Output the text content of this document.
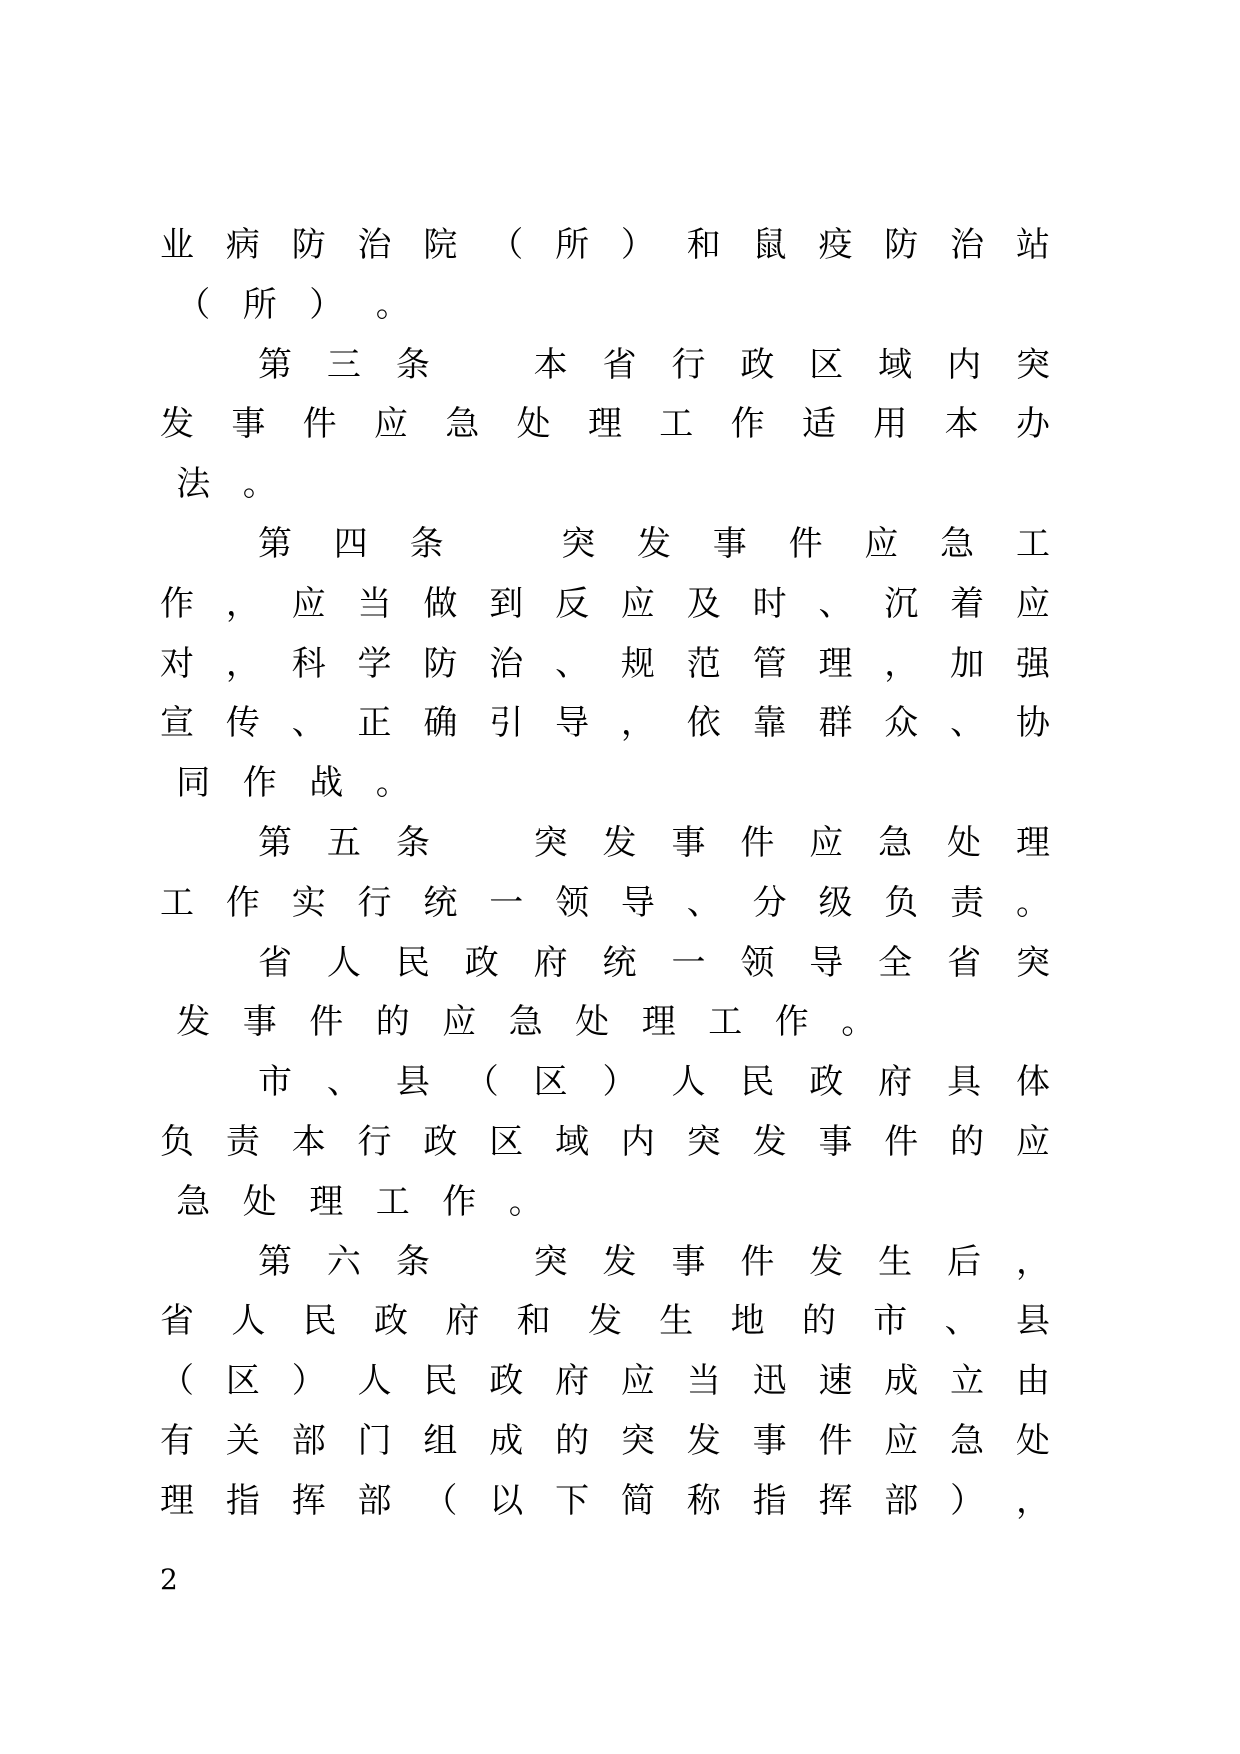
业 病 防 治 院 （ 所 ） 和 鼠 疫 防 治 站
（ 所 ） 。
第 三 条
　	本 省 行 政 区 域 内 突
发 事 件 应 急 处 理 工 作 适 用 本 办
法 。
第 四 条
　	突 发 事 件 应 急 工
作 ， 应 当 做 到 反 应 及 时 、 沉 着 应
对 ， 科 学 防 治 、 规 范 管 理 ， 加 强
宣 传 、 正 确 引 导 ， 依 靠 群 众 、 协
同 作 战 。
第 五 条
　	突 发 事 件 应 急 处 理
工 作 实 行 统 一 领 导 、 分 级 负 责 。
省 人 民 政 府 统 一 领 导 全 省 突
发 事 件 的 应 急 处 理 工 作 。
市 、 县 （ 区 ） 人 民 政 府 具 体
负 责 本 行 政 区 域 内 突 发 事 件 的 应
急 处 理 工 作 。
第 六 条
　	突 发 事 件 发 生 后 ，
省 人 民 政 府 和 发 生 地 的 市 、 县
（ 区 ） 人 民 政 府 应 当 迅 速 成 立 由
有 关 部 门 组 成 的 突 发 事 件 应 急 处
理 指 挥 部 （ 以 下 简 称 指 挥 部 ） ，
2
